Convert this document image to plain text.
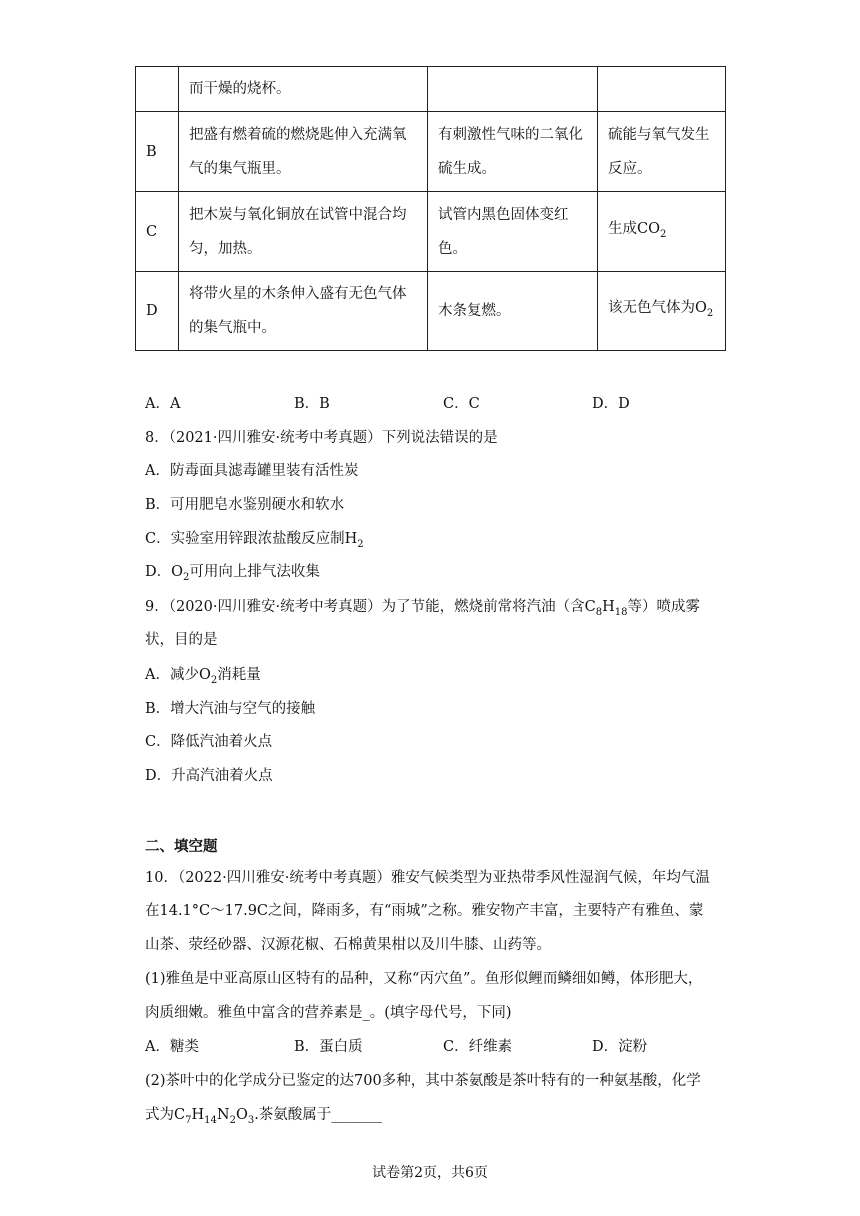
	而干燥的烧杯。		
B	把盛有燃着硫的燃烧匙伸入充满氧气的集气瓶里。	有刺激性气味的二氧化硫生成。	硫能与氧气发生反应。
C	把木炭与氧化铜放在试管中混合均匀，加热。	试管内黑色固体变红色。	生成$CO_2$
D	将带火星的木条伸入盛有无色气体的集气瓶中。	木条复燃。	该无色气体为$O_2$
A．A	B．B	C．C	D．D
8．（2021·四川雅安·统考中考真题）下列说法错误的是
A．防毒面具滤毒罐里装有活性炭
B．可用肥皂水鉴别硬水和软水
C．实验室用锌跟浓盐酸反应制$H_2$
D．$O_2$可用向上排气法收集
9．（2020·四川雅安·统考中考真题）为了节能，燃烧前常将汽油（含$C_8H_{18}$等）喷成雾
状，目的是
A．减少$O_2$消耗量
B．增大汽油与空气的接触
C．降低汽油着火点
D．升高汽油着火点
二、填空题
10．（2022·四川雅安·统考中考真题）雅安气候类型为亚热带季风性湿润气候，年均气温
在14.1°C～17.9C之间，降雨多，有“雨城”之称。雅安物产丰富，主要特产有雅鱼、蒙
山茶、荥经砂器、汉源花椒、石棉黄果柑以及川牛膝、山药等。
(1)雅鱼是中亚高原山区特有的品种，又称“丙穴鱼”。鱼形似鲤而鳞细如鳟，体形肥大，
肉质细嫩。雅鱼中富含的营养素是_。(填字母代号，下同)
A．糖类	B．蛋白质	C．纤维素	D．淀粉
(2)茶叶中的化学成分已鉴定的达700多种，其中茶氨酸是茶叶特有的一种氨基酸，化学
式为$C_7H_{14}N_2O_3$.茶氨酸属于_______
试卷第2页，共6页
